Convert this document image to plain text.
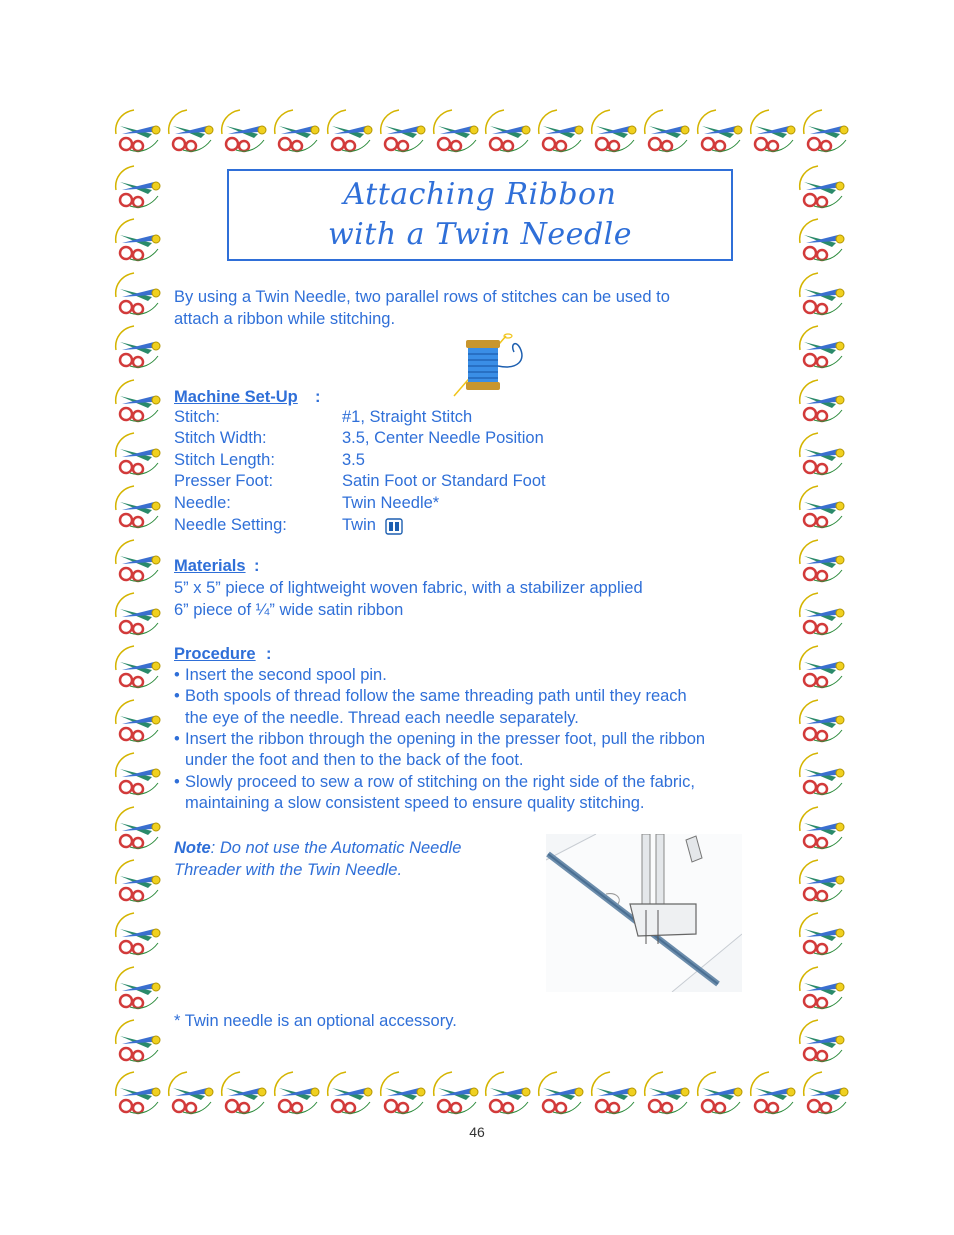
Attaching Ribbon
with a Twin Needle
By using a Twin Needle, two parallel rows of stitches can be used to
attach a ribbon while stitching.
Machine Set-Up :
Stitch:	#1, Straight Stitch
Stitch Width:	3.5, Center Needle Position
Stitch Length:	3.5
Presser Foot:	Satin Foot or Standard Foot
Needle:	Twin Needle*
Needle Setting:	Twin
Materials :
5” x 5” piece of lightweight woven fabric, with a stabilizer applied
6” piece of ¼” wide satin ribbon
Procedure :
• Insert the second spool pin.
• Both spools of thread follow the same threading path until they reach
the eye of the needle. Thread each needle separately.
• Insert the ribbon through the opening in the presser foot, pull the ribbon
under the foot and then to the back of the foot.
• Slowly proceed to sew a row of stitching on the right side of the fabric,
maintaining a slow consistent speed to ensure quality stitching.
Note: Do not use the Automatic Needle
Threader with the Twin Needle.
* Twin needle is an optional accessory.
46
